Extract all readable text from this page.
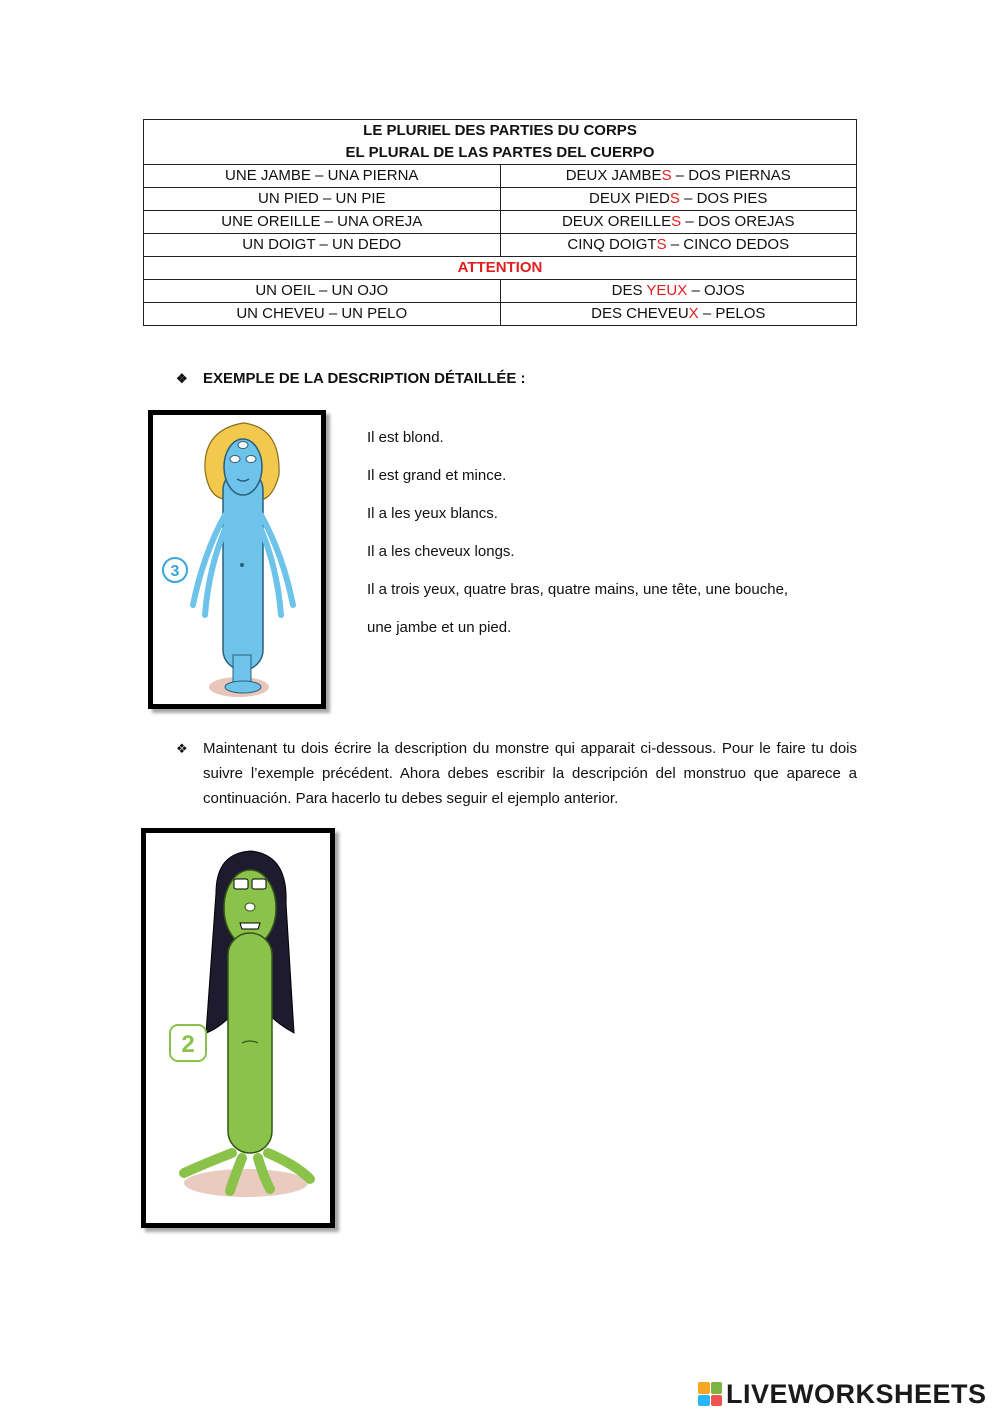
LE PLURIEL DES PARTIES DU CORPS
EL PLURAL DE LAS PARTES DEL CUERPO	

UNE JAMBE – UNA PIERNA	DEUX JAMBES – DOS PIERNAS
UN PIED – UN PIE	DEUX PIEDS – DOS PIES
UNE OREILLE – UNA OREJA	DEUX OREILLES – DOS OREJAS
UN DOIGT – UN DEDO	CINQ DOIGTS – CINCO DEDOS
ATTENTION	
UN OEIL – UN OJO	DES YEUX – OJOS
UN CHEVEU – UN PELO	DES CHEVEUX – PELOS
❖ EXEMPLE DE LA DESCRIPTION DÉTAILLÉE :
3
Il est blond.
Il est grand et mince.
Il a les yeux blancs.
Il a les cheveux longs.
Il a trois yeux, quatre bras, quatre mains, une tête, une bouche,
une jambe et un pied.
❖ Maintenant tu dois écrire la description du monstre qui apparait ci-dessous. Pour le faire tu dois suivre l’exemple précédent. Ahora debes escribir la descripción del monstruo que aparece a continuación. Para hacerlo tu debes seguir el ejemplo anterior.
2
LIVEWORKSHEETS
